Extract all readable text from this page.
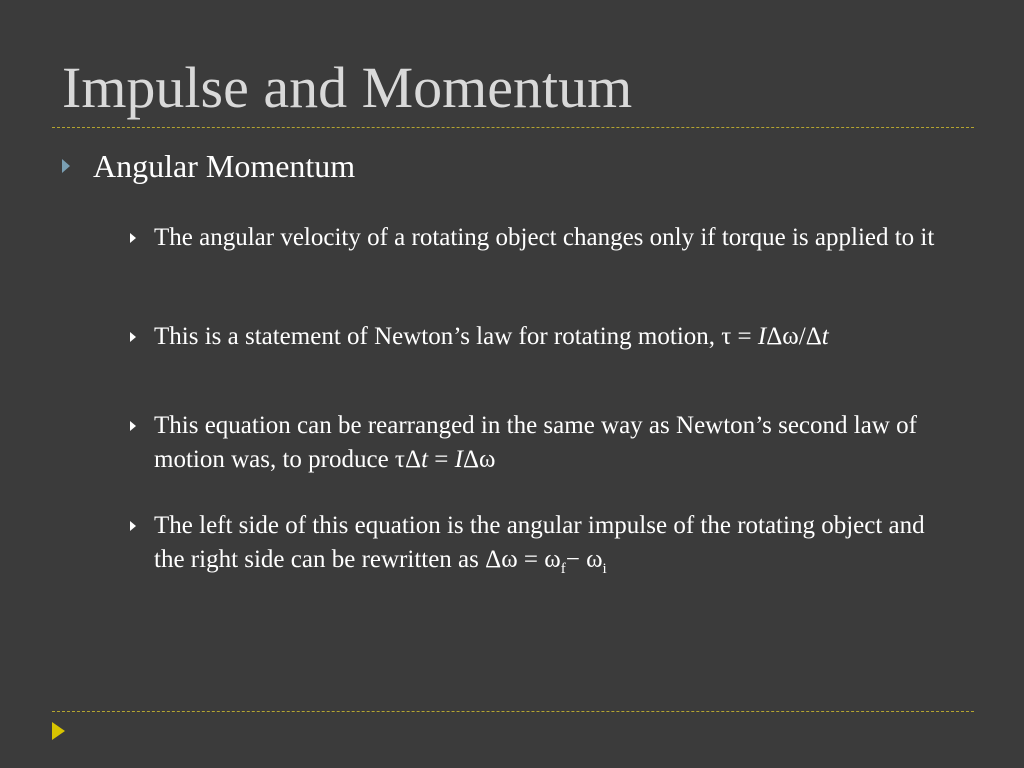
Impulse and Momentum
Angular Momentum
The angular velocity of a rotating object changes only if torque is applied to it
This is a statement of Newton’s law for rotating motion, τ = IΔω/Δt
This equation can be rearranged in the same way as Newton’s second law of motion was, to produce τΔt = IΔω
The left side of this equation is the angular impulse of the rotating object and the right side can be rewritten as $\Delta\omega = \omega_f- \omega_i$
